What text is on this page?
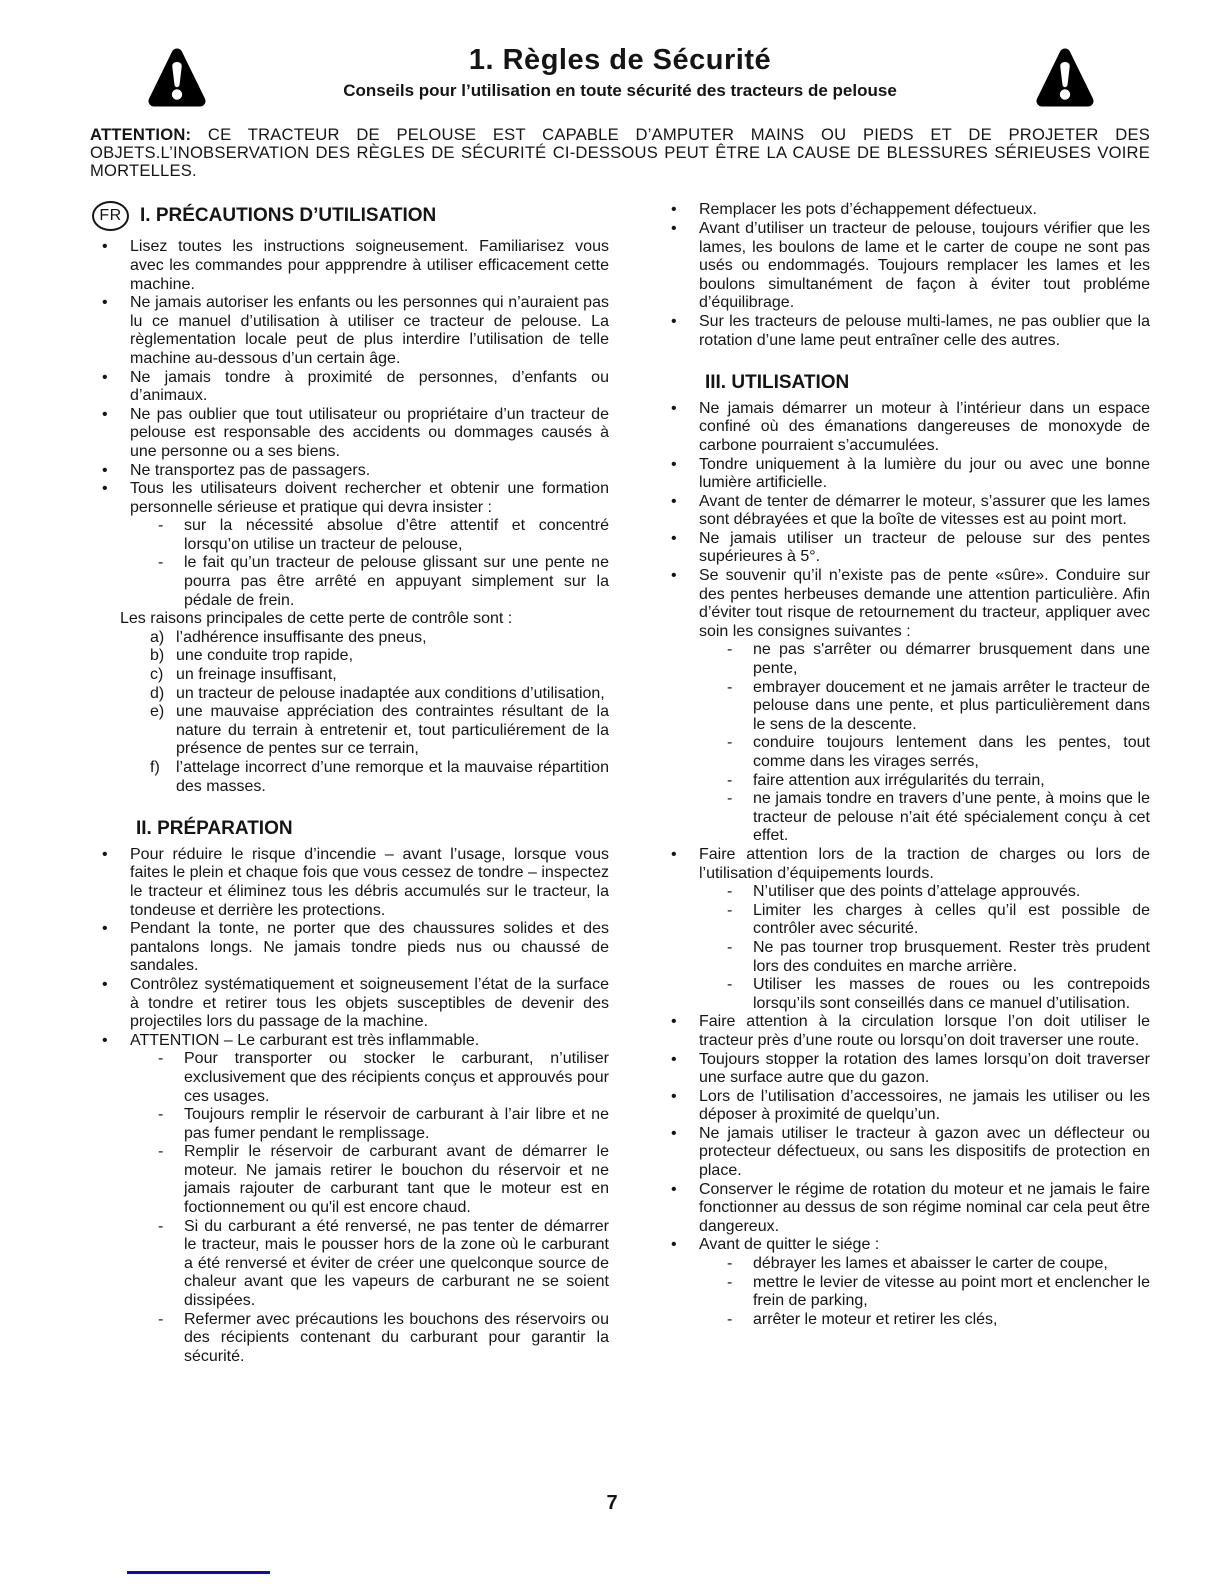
1. Règles de Sécurité
Conseils pour l’utilisation en toute sécurité des tracteurs de pelouse

ATTENTION: CE TRACTEUR DE PELOUSE EST CAPABLE D’AMPUTER MAINS OU PIEDS ET DE PROJETER DES OBJETS.L’INOBSERVATION DES RÈGLES DE SÉCURITÉ CI-DESSOUS PEUT ÊTRE LA CAUSE DE BLESSURES SÉRIEUSES VOIRE MORTELLES.

FR I. PRÉCAUTIONS D’UTILISATION
•	Lisez toutes les instructions soigneusement. Familiarisez vous avec les commandes pour appprendre à utiliser efficacement cette machine.
•	Ne jamais autoriser les enfants ou les personnes qui n’auraient pas lu ce manuel d’utilisation à utiliser ce tracteur de pelouse. La règlementation locale peut de plus interdire l’utilisation de telle machine au-dessous d’un certain âge.
•	Ne jamais tondre à proximité de personnes, d’enfants ou d’animaux.
•	Ne pas oublier que tout utilisateur ou propriétaire d’un tracteur de pelouse est responsable des accidents ou dommages causés à une personne ou a ses biens.
•	Ne transportez pas de passagers.
•	Tous les utilisateurs doivent rechercher et obtenir une formation personnelle sérieuse et pratique qui devra insister :
-	sur la nécessité absolue d’être attentif et concentré lorsqu’on utilise un tracteur de pelouse,
-	le fait qu’un tracteur de pelouse glissant sur une pente ne pourra pas être arrêté en appuyant simplement sur la pédale de frein.
Les raisons principales de cette perte de contrôle sont :
a) l’adhérence insuffisante des pneus,
b) une conduite trop rapide,
c) un freinage insuffisant,
d) un tracteur de pelouse inadaptée aux conditions d’utilisation,
e) une mauvaise appréciation des contraintes résultant de la nature du terrain à entretenir et, tout particuliérement de la présence de pentes sur ce terrain,
f)	l’attelage incorrect d’une remorque et la mauvaise répartition des masses.
II. PRÉPARATION
•	Pour réduire le risque d’incendie – avant l’usage, lorsque vous faites le plein et chaque fois que vous cessez de tondre – inspectez le tracteur et éliminez tous les débris accumulés sur le tracteur, la tondeuse et derrière les protections.
•	Pendant la tonte, ne porter que des chaussures solides et des pantalons longs. Ne jamais tondre pieds nus ou chaussé de sandales.
•	Contrôlez systématiquement et soigneusement l’état de la surface à tondre et retirer tous les objets susceptibles de devenir des projectiles lors du passage de la machine.
•	ATTENTION – Le carburant est très inflammable.
-	Pour transporter ou stocker le carburant, n’utiliser exclusivement que des récipients conçus et approuvés pour ces usages.
-	Toujours remplir le réservoir de carburant à l’air libre et ne pas fumer pendant le remplissage.
-	Remplir le réservoir de carburant avant de démarrer le moteur. Ne jamais retirer le bouchon du réservoir et ne jamais rajouter de carburant tant que le moteur est en foctionnement ou qu'il est encore chaud.
-	Si du carburant a été renversé, ne pas tenter de démarrer le tracteur, mais le pousser hors de la zone où le carburant a été renversé et éviter de créer une quelconque source de chaleur avant que les vapeurs de carburant ne se soient dissipées.
-	Refermer avec précautions les bouchons des réservoirs ou des récipients contenant du carburant pour garantir la sécurité.
•	Remplacer les pots d’échappement défectueux.
•	Avant d’utiliser un tracteur de pelouse, toujours vérifier que les lames, les boulons de lame et le carter de coupe ne sont pas usés ou endommagés. Toujours remplacer les lames et les boulons simultanément de façon à éviter tout probléme d’équilibrage.
•	Sur les tracteurs de pelouse multi-lames, ne pas oublier que la rotation d’une lame peut entraîner celle des autres.
III. UTILISATION
•	Ne jamais démarrer un moteur à l’intérieur dans un espace confiné où des émanations dangereuses de monoxyde de carbone pourraient s’accumulées.
•	Tondre uniquement à la lumière du jour ou avec une bonne lumière artificielle.
•	Avant de tenter de démarrer le moteur, s’assurer que les lames sont débrayées et que la boîte de vitesses est au point mort.
•	Ne jamais utiliser un tracteur de pelouse sur des pentes supérieures à 5°.
•	Se souvenir qu’il n’existe pas de pente «sûre». Conduire sur des pentes herbeuses demande une attention particulière. Afin d’éviter tout risque de retournement du tracteur, appliquer avec soin les consignes suivantes :
-	ne pas s'arrêter ou démarrer brusquement dans une pente,
-	embrayer doucement et ne jamais arrêter le tracteur de pelouse dans une pente, et plus particulièrement dans le sens de la descente.
-	conduire toujours lentement dans les pentes, tout comme dans les virages serrés,
-	faire attention aux irrégularités du terrain,
-	ne jamais tondre en travers d’une pente, à moins que le tracteur de pelouse n’ait été spécialement conçu à cet effet.
•	Faire attention lors de la traction de charges ou lors de l’utilisation d’équipements lourds.
-	N’utiliser que des points d’attelage approuvés.
-	Limiter les charges à celles qu’il est possible de contrôler avec sécurité.
-	Ne pas tourner trop brusquement. Rester très prudent lors des conduites en marche arrière.
-	Utiliser les masses de roues ou les contrepoids lorsqu’ils sont conseillés dans ce manuel d’utilisation.
•	Faire attention à la circulation lorsque l’on doit utiliser le tracteur près d’une route ou lorsqu’on doit traverser une route.
•	Toujours stopper la rotation des lames lorsqu’on doit traverser une surface autre que du gazon.
•	Lors de l’utilisation d’accessoires, ne jamais les utiliser ou les déposer à proximité de quelqu’un.
•	Ne jamais utiliser le tracteur à gazon avec un déflecteur ou protecteur défectueux, ou sans les dispositifs de protection en place.
•	Conserver le régime de rotation du moteur et ne jamais le faire fonctionner au dessus de son régime nominal car cela peut être dangereux.
•	Avant de quitter le siége :
-	débrayer les lames et abaisser le carter de coupe,
-	mettre le levier de vitesse au point mort et enclencher le frein de parking,
-	arrêter le moteur et retirer les clés,
7
